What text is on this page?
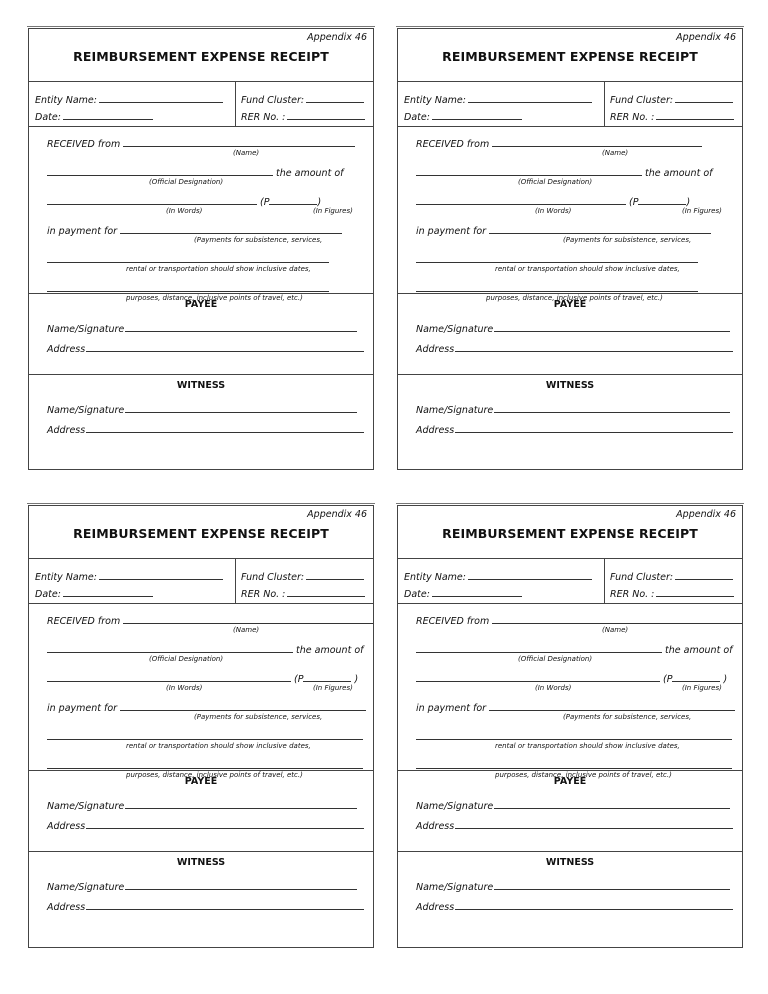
Appendix 46
REIMBURSEMENT EXPENSE RECEIPT
Entity Name:
Date:
Fund Cluster:
RER No. :
RECEIVED from
(Name)
the amount of
(Official Designation)
(P	)
(In Words)	(In Figures)
in payment for
(Payments for subsistence, services,
rental or transportation should show inclusive dates,
purposes, distance, inclusive points of travel, etc.)
PAYEE
Name/Signature
Address
WITNESS
Name/Signature
Address
Appendix 46
REIMBURSEMENT EXPENSE RECEIPT
Entity Name:
Date:
Fund Cluster:
RER No. :
RECEIVED from
(Name)
the amount of
(Official Designation)
(P	)
(In Words)	(In Figures)
in payment for
(Payments for subsistence, services,
rental or transportation should show inclusive dates,
purposes, distance, inclusive points of travel, etc.)
PAYEE
Name/Signature
Address
WITNESS
Name/Signature
Address
Appendix 46
REIMBURSEMENT EXPENSE RECEIPT
Entity Name:
Date:
Fund Cluster:
RER No. :
RECEIVED from
(Name)
the amount of
(Official Designation)
(P	)
(In Words)	(In Figures)
in payment for
(Payments for subsistence, services,
rental or transportation should show inclusive dates,
purposes, distance, inclusive points of travel, etc.)
PAYEE
Name/Signature
Address
WITNESS
Name/Signature
Address
Appendix 46
REIMBURSEMENT EXPENSE RECEIPT
Entity Name:
Date:
Fund Cluster:
RER No. :
RECEIVED from
(Name)
the amount of
(Official Designation)
(P	)
(In Words)	(In Figures)
in payment for
(Payments for subsistence, services,
rental or transportation should show inclusive dates,
purposes, distance, inclusive points of travel, etc.)
PAYEE
Name/Signature
Address
WITNESS
Name/Signature
Address
